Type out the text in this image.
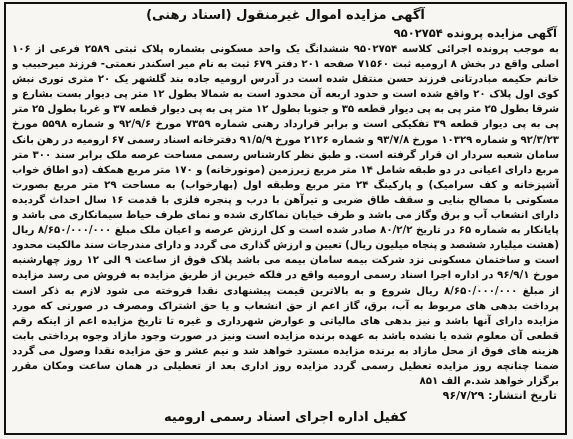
آگهی مزایده اموال غیرمنقول (اسناد رهنی)
آگهی مزایده پرونده ۹۵۰۲۷۵۴
به موجب پرونده اجرائی کلاسه ۹۵۰۲۷۵۴ ششدانگ یک واحد مسکونی بشماره پلاک ثبتی ۲۵۸۹ فرعی از ۱۰۶ اصلی واقع در بخش ۸ ارومیه ثبت ۷۱۵۶۰ صفحه ۲۰۱ دفتر ۶۷۹ ثبت به نام میر اسکندر نعمتی- فرزند میرحبیب و خانم حکیمه مبادرتانی فرزند حسن منتقل شده است در آدرس ارومیه جاده بند گلشهر یک ۲۰ متری توری نبش کوی اول پلاک ۲۰ واقع شده است و حدود اربعه آن محدود است به شمالا بطول ۱۲ متر پی دیوار بست بشارع و شرقا بطول ۲۵ متر پی به پی دیوار قطعه ۳۵ و جنوبا بطول ۱۲ متر پی به پی دیوار قطعه ۳۷ و غربا بطول ۲۵ متر پی به پی دیوار قطعه ۳۹ تفکیکی است و برابر قرارداد رهنی شماره ۷۳۵۹ مورخ ۹۲/۹/۶ و شماره ۵۵۹۸ مورخ ۹۲/۳/۲۳ و شماره ۱۰۳۲۹ مورخ ۹۳/۷/۸ و شماره ۲۱۲۶ مورخ ۹۱/۵/۹ دفترخانه اسناد رسمی ۶۷ ارومیه در رهن بانک سامان شعبه سردار ان قرار گرفته است. و طبق نظر کارشناس رسمی مساحت عرصه ملک برابر سند ۳۰۰ متر مربع دارای اعیانی در دو طبقه شامل ۱۴ متر مربع زیرزمین (موتورخانه) و ۱۷۰ متر مربع همکف (دو اطاق خواب آشپزخانه و کف سرامیک) و پارکینگ ۲۴ متر مربع وطبقه اول (بهارخواب) به مساحت ۲۹ متر مربع بصورت مسکونی با مصالح بنایی و سقف طاق ضربی و تیرآهن با درب و پنجره فلزی با قدمت ۱۶ سال احداث گردیده دارای انشعاب آب و برق وگاز می باشد و طرف خیابان نماکاری شده و نمای طرف حیاط سیمانکاری می باشد و پایانکار به شماره ۶۵ در تاریخ ۸۰/۲/۲ صادر شده است و کل ارزش عرصه و اعیان ملک مبلغ ۸/۶۵۰/۰۰۰/۰۰۰ ریال (هشت میلیارد ششصد و پنجاه میلیون ریال) تعیین و ارزش گذاری می گردد و دارای مندرجات سند مالکیت محدود است و ساختمان مسکونی نزد شرکت بیمه سامان بیمه می باشد پلاک فوق از ساعت ۹ الی ۱۲ روز چهارشنبه مورخ ۹۶/۹/۱ در اداره اجرا اسناد رسمی ارومیه واقع در فلکه خیرین از طریق مزایده به فروش می رسد مزایده از مبلغ ۸/۶۵۰/۰۰۰/۰۰۰ ریال شروع و به بالاترین قیمت پیشنهادی نقدا فروخته می شود لازم به ذکر است پرداخت بدهی های مربوط به آب، برق، گاز اعم از حق انشعاب و یا حق اشتراک ومصرف در صورتی که مورد مزایده دارای آنها باشد و نیز بدهی های مالیاتی و عوارض شهرداری و غیره تا تاریخ مزایده اعم از اینکه رقم قطعی آن معلوم شده یا نشده باشد به عهده برنده مزایده است ونیز در صورت وجود مازاد وجوه پرداختی بابت هزینه های فوق از محل مازاد به برنده مزایده مسترد خواهد شد و نیم عشر و حق مزایده نقدا وصول می گردد ضمنا چنانچه روز مزایده تعطیل رسمی گردد مزایده روز اداری بعد از تعطیلی در همان ساعت ومکان مقرر برگزار خواهد شد.م الف ۸۵۱
تاریخ انتشار: ۹۶/۷/۲۹
کفیل اداره اجرای اسناد رسمی ارومیه
